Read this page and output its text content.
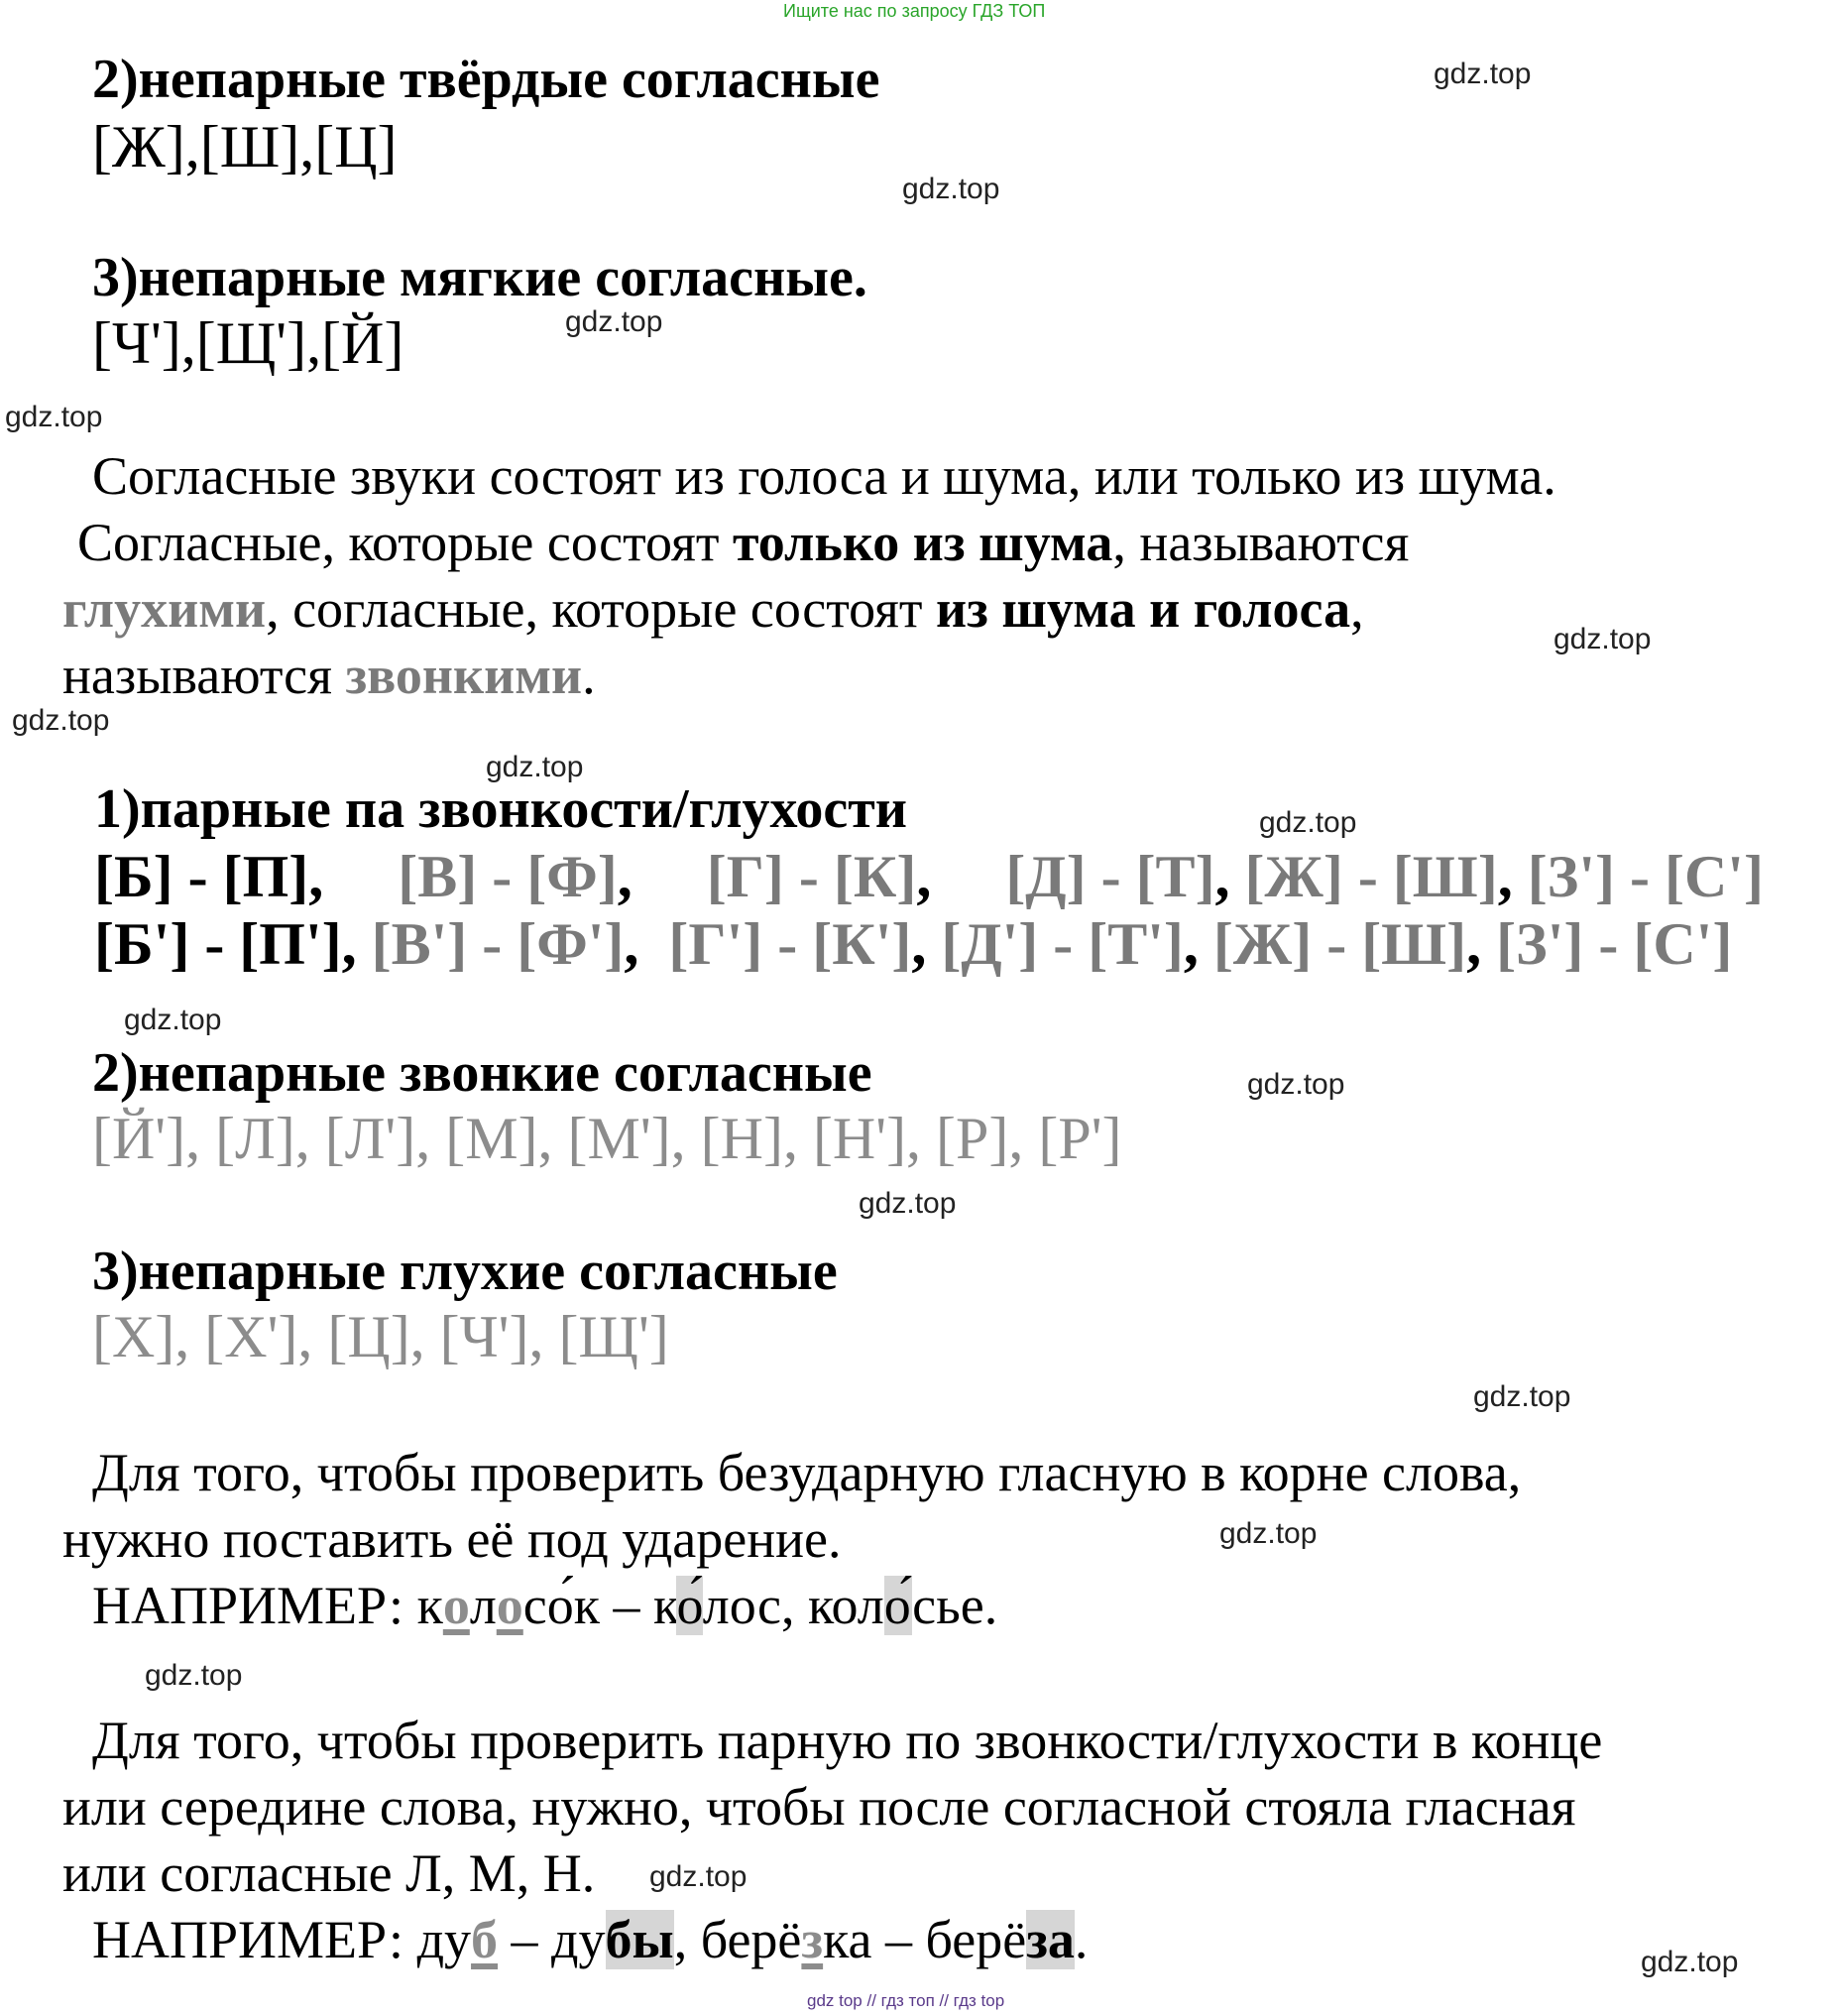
Ищите нас по запросу ГДЗ ТОП
2)непарные твёрдые согласные
[Ж],[Ш],[Ц]
3)непарные мягкие согласные.
[Ч'],[Щ'],[Й]
Согласные звуки состоят из голоса и шума, или только из шума.
Согласные, которые состоят только из шума, называются
глухими, согласные, которые состоят из шума и голоса,
называются звонкими.
1)парные па звонкости/глухости
[Б] - [П],     [В] - [Ф],     [Г] - [К],     [Д] - [Т], [Ж] - [Ш], [З'] - [С']
[Б'] - [П'], [В'] - [Ф'],  [Г'] - [К'], [Д'] - [Т'], [Ж] - [Ш], [З'] - [С']
2)непарные звонкие согласные
[Й'], [Л], [Л'], [М], [М'], [Н], [Н'], [Р], [Р']
3)непарные глухие согласные
[Х], [Х'], [Ц], [Ч'], [Щ']
Для того, чтобы проверить безударную гласную в корне слова,
нужно поставить её под ударение.
НАПРИМЕР: колосо́к – ко́лос, коло́сье.
Для того, чтобы проверить парную по звонкости/глухости в конце
или середине слова, нужно, чтобы после согласной стояла гласная
или согласные Л, М, Н.
НАПРИМЕР: дуб – дубы, берёзка – берёза.
gdz.top
gdz.top
gdz.top
gdz.top
gdz.top
gdz.top
gdz.top
gdz.top
gdz.top
gdz.top
gdz.top
gdz.top
gdz.top
gdz.top
gdz.top
gdz.top
gdz top // гдз топ // гдз top
